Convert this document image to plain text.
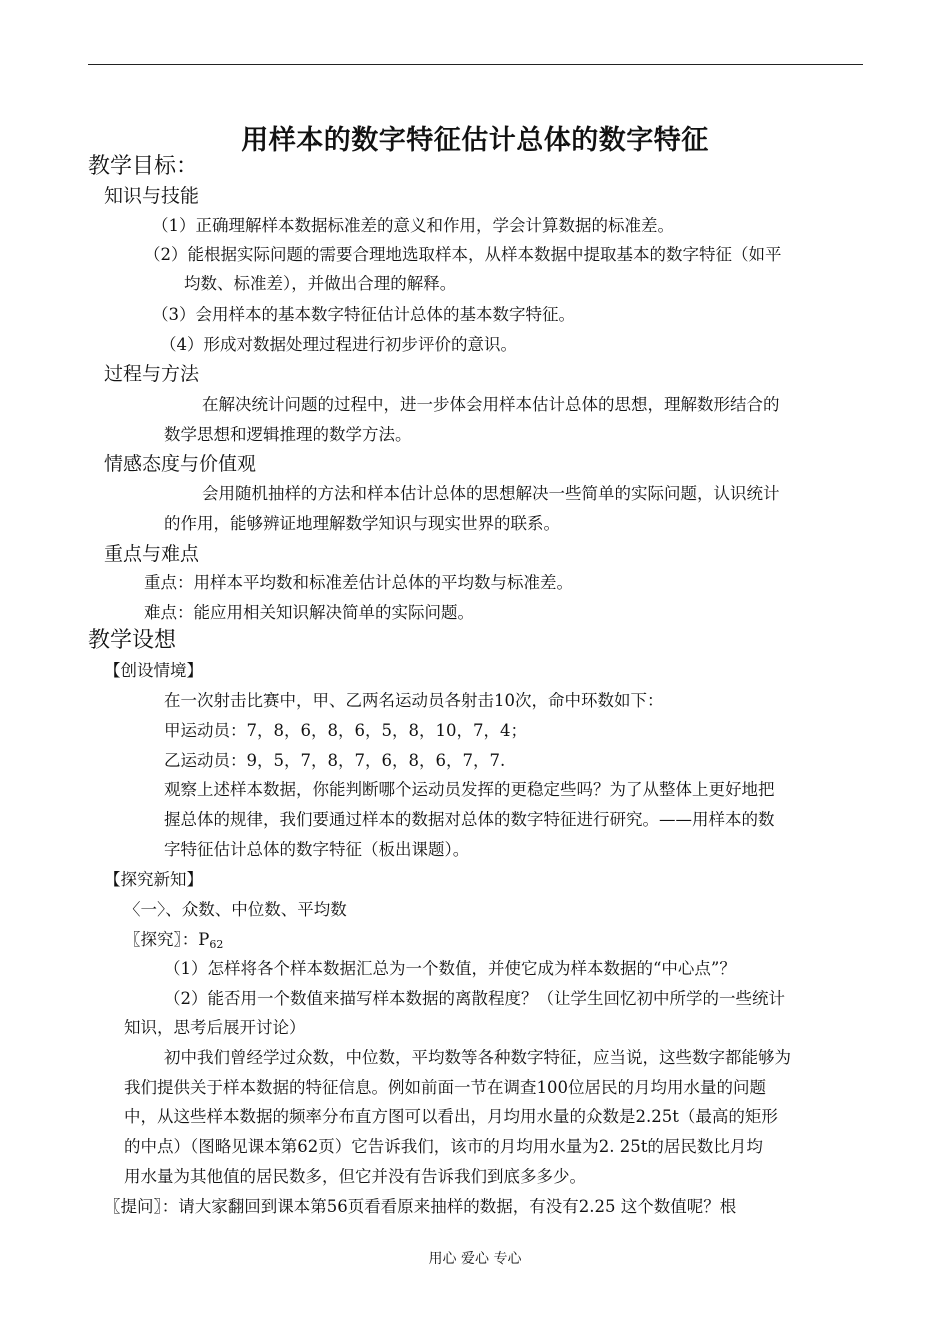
用样本的数字特征估计总体的数字特征
教学目标：
知识与技能
（1）正确理解样本数据标准差的意义和作用，学会计算数据的标准差。
（2）能根据实际问题的需要合理地选取样本，从样本数据中提取基本的数字特征（如平
均数、标准差），并做出合理的解释。
（3）会用样本的基本数字特征估计总体的基本数字特征。
（4）形成对数据处理过程进行初步评价的意识。
过程与方法
在解决统计问题的过程中，进一步体会用样本估计总体的思想，理解数形结合的
数学思想和逻辑推理的数学方法。
情感态度与价值观
会用随机抽样的方法和样本估计总体的思想解决一些简单的实际问题，认识统计
的作用，能够辨证地理解数学知识与现实世界的联系。
重点与难点
重点：用样本平均数和标准差估计总体的平均数与标准差。
难点：能应用相关知识解决简单的实际问题。
教学设想
【创设情境】
在一次射击比赛中，甲、乙两名运动员各射击10次，命中环数如下：
甲运动员：7，8，6，8，6，5，8，10，7，4；
乙运动员：9，5，7，8，7，6，8，6，7，7.
观察上述样本数据，你能判断哪个运动员发挥的更稳定些吗？为了从整体上更好地把
握总体的规律，我们要通过样本的数据对总体的数字特征进行研究。——用样本的数
字特征估计总体的数字特征（板出课题）。
【探究新知】
〈一〉、众数、中位数、平均数
〖探究〗：$P_{62}$
（1）怎样将各个样本数据汇总为一个数值，并使它成为样本数据的“中心点”？
（2）能否用一个数值来描写样本数据的离散程度？（让学生回忆初中所学的一些统计
知识，思考后展开讨论）
初中我们曾经学过众数，中位数，平均数等各种数字特征，应当说，这些数字都能够为
我们提供关于样本数据的特征信息。例如前面一节在调查100位居民的月均用水量的问题
中，从这些样本数据的频率分布直方图可以看出，月均用水量的众数是2.25t（最高的矩形
的中点）（图略见课本第62页）它告诉我们，该市的月均用水量为2. 25t的居民数比月均
用水量为其他值的居民数多，但它并没有告诉我们到底多多少。
〖提问〗：请大家翻回到课本第56页看看原来抽样的数据，有没有2.25 这个数值呢？根
用心 爱心 专心
